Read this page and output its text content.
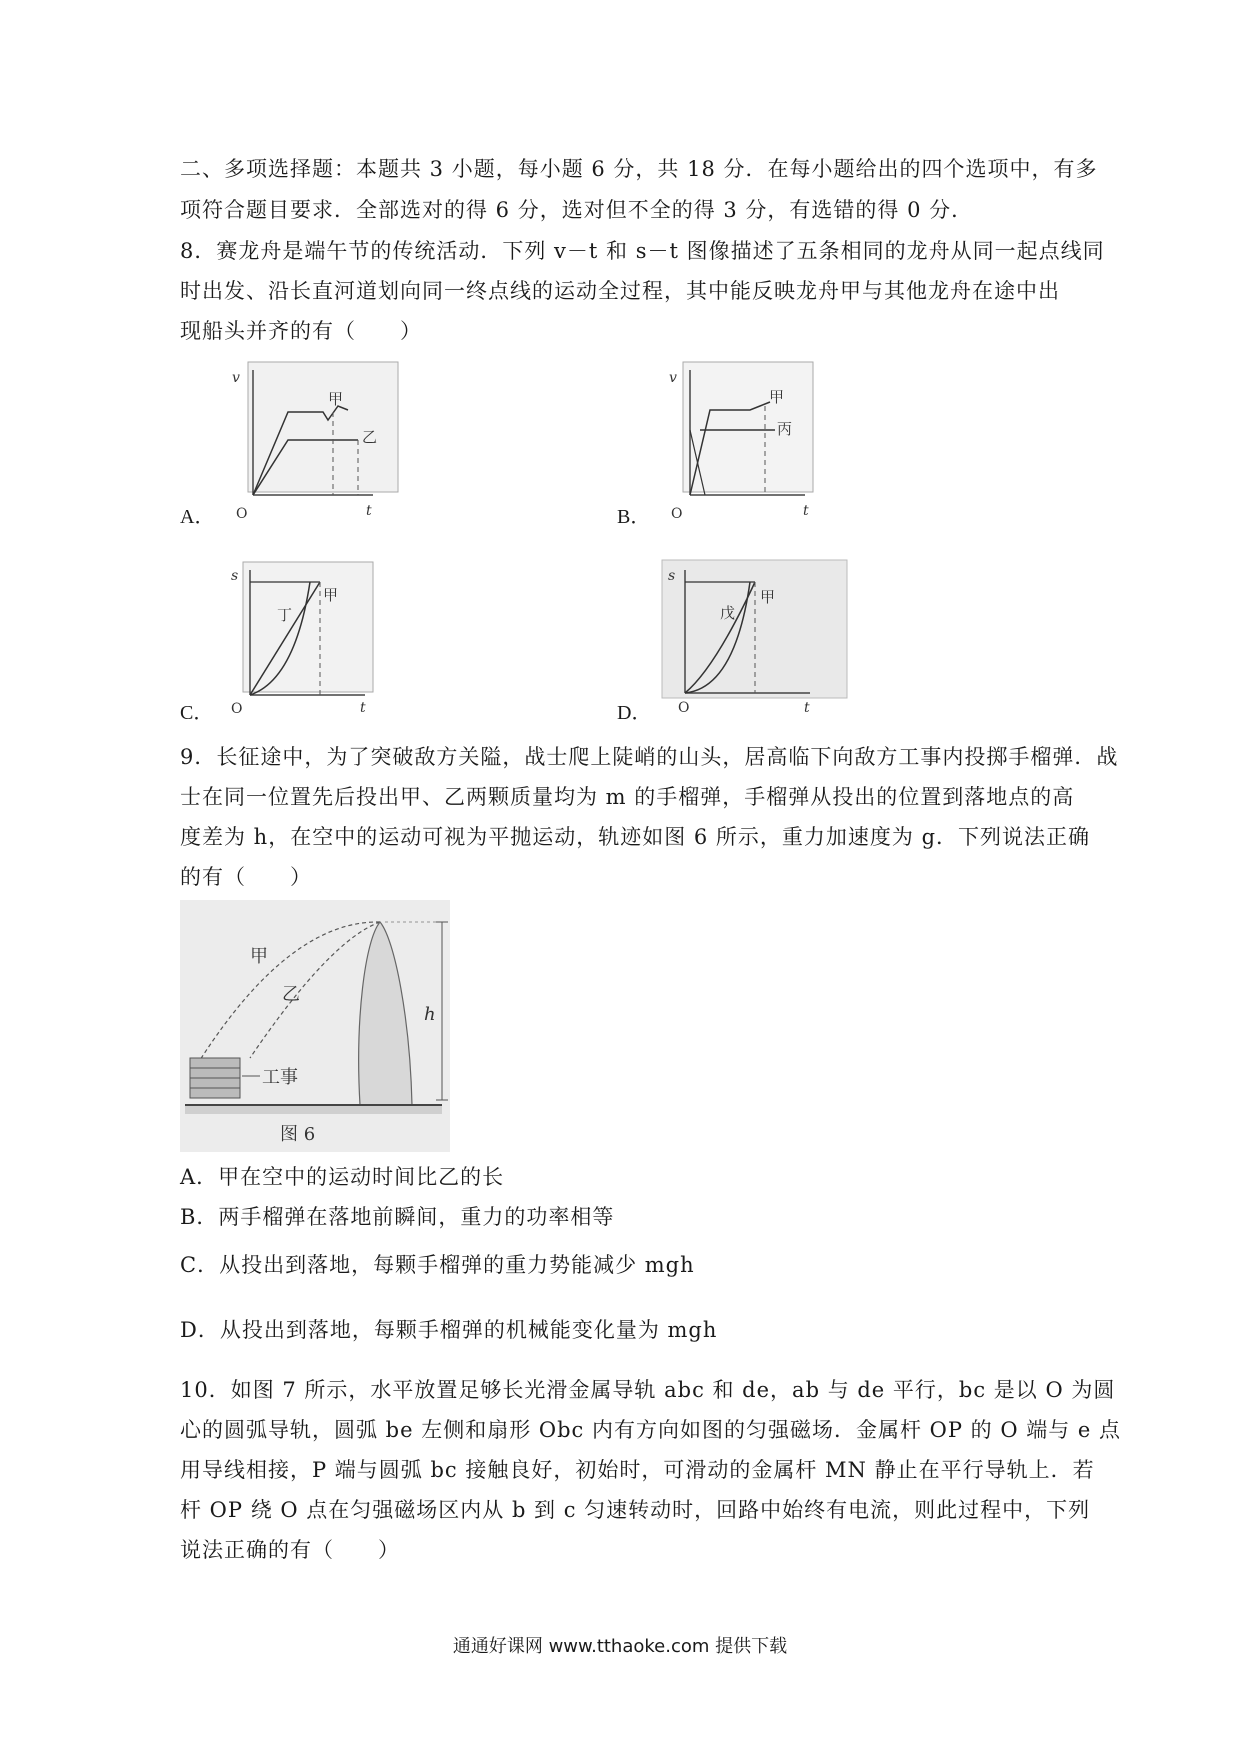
二、多项选择题：本题共 3 小题，每小题 6 分，共 18 分．在每小题给出的四个选项中，有多
项符合题目要求．全部选对的得 6 分，选对但不全的得 3 分，有选错的得 0 分．
8．赛龙舟是端午节的传统活动．下列 v－t 和 s－t 图像描述了五条相同的龙舟从同一起点线同
时出发、沿长直河道划向同一终点线的运动全过程，其中能反映龙舟甲与其他龙舟在途中出
现船头并齐的有（　　）
A．
v
O	t
甲
乙
B．
v
O	t
甲
丙
C．
s
O	t
丁
甲
D．
s
O	t
戊
甲
9．长征途中，为了突破敌方关隘，战士爬上陡峭的山头，居高临下向敌方工事内投掷手榴弹．战
士在同一位置先后投出甲、乙两颗质量均为 m 的手榴弹，手榴弹从投出的位置到落地点的高
度差为 h，在空中的运动可视为平抛运动，轨迹如图 6 所示，重力加速度为 g．下列说法正确
的有（　　）
甲
乙
h
工事
图 6
A．甲在空中的运动时间比乙的长
B．两手榴弹在落地前瞬间，重力的功率相等
C．从投出到落地，每颗手榴弹的重力势能减少 mgh
D．从投出到落地，每颗手榴弹的机械能变化量为 mgh
10．如图 7 所示，水平放置足够长光滑金属导轨 abc 和 de，ab 与 de 平行，bc 是以 O 为圆
心的圆弧导轨，圆弧 be 左侧和扇形 Obc 内有方向如图的匀强磁场．金属杆 OP 的 O 端与 e 点
用导线相接，P 端与圆弧 bc 接触良好，初始时，可滑动的金属杆 MN 静止在平行导轨上．若
杆 OP 绕 O 点在匀强磁场区内从 b 到 c 匀速转动时，回路中始终有电流，则此过程中，下列
说法正确的有（　　）
通通好课网 www.tthaoke.com 提供下载
